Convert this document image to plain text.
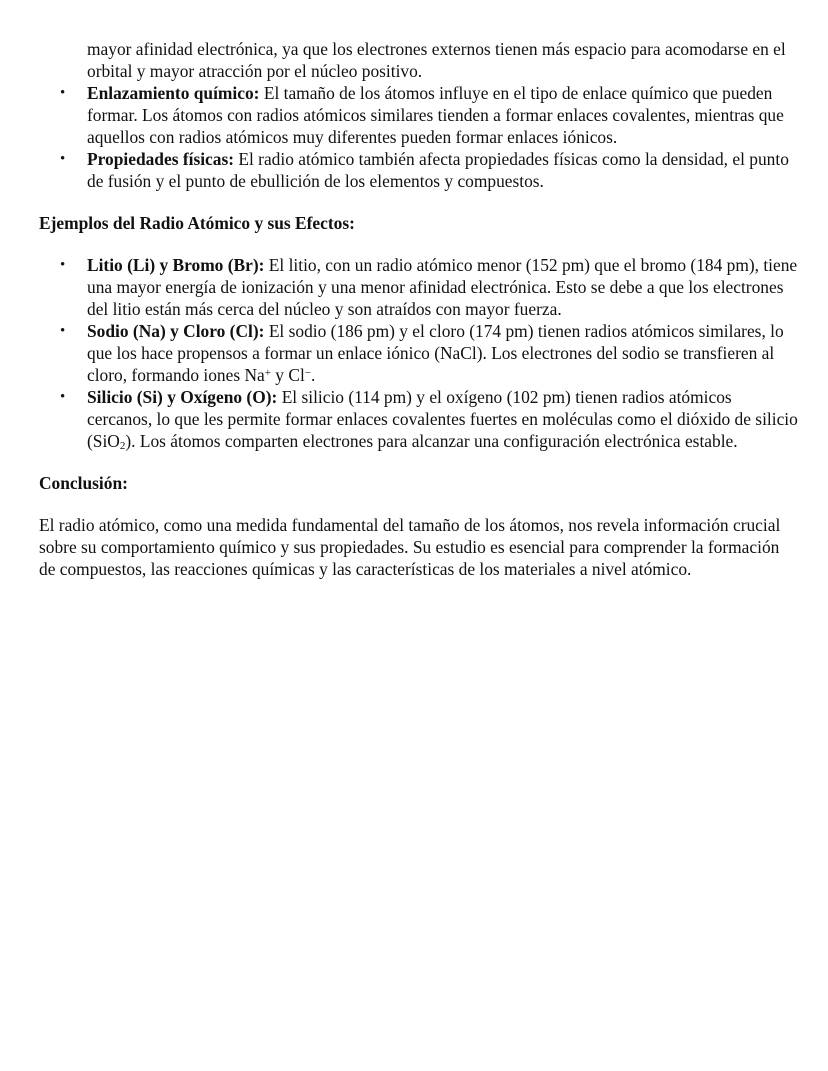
mayor afinidad electrónica, ya que los electrones externos tienen más espacio para acomodarse en el orbital y mayor atracción por el núcleo positivo.

• Enlazamiento químico: El tamaño de los átomos influye en el tipo de enlace químico que pueden formar. Los átomos con radios atómicos similares tienden a formar enlaces covalentes, mientras que aquellos con radios atómicos muy diferentes pueden formar enlaces iónicos.
• Propiedades físicas: El radio atómico también afecta propiedades físicas como la densidad, el punto de fusión y el punto de ebullición de los elementos y compuestos.
Ejemplos del Radio Atómico y sus Efectos:
• Litio (Li) y Bromo (Br): El litio, con un radio atómico menor (152 pm) que el bromo (184 pm), tiene una mayor energía de ionización y una menor afinidad electrónica. Esto se debe a que los electrones del litio están más cerca del núcleo y son atraídos con mayor fuerza.
• Sodio (Na) y Cloro (Cl): El sodio (186 pm) y el cloro (174 pm) tienen radios atómicos similares, lo que los hace propensos a formar un enlace iónico (NaCl). Los electrones del sodio se transfieren al cloro, formando iones Na+ y Cl−.
• Silicio (Si) y Oxígeno (O): El silicio (114 pm) y el oxígeno (102 pm) tienen radios atómicos cercanos, lo que les permite formar enlaces covalentes fuertes en moléculas como el dióxido de silicio (SiO$_2$). Los átomos comparten electrones para alcanzar una configuración electrónica estable.
Conclusión:

El radio atómico, como una medida fundamental del tamaño de los átomos, nos revela información crucial sobre su comportamiento químico y sus propiedades. Su estudio es esencial para comprender la formación de compuestos, las reacciones químicas y las características de los materiales a nivel atómico.
